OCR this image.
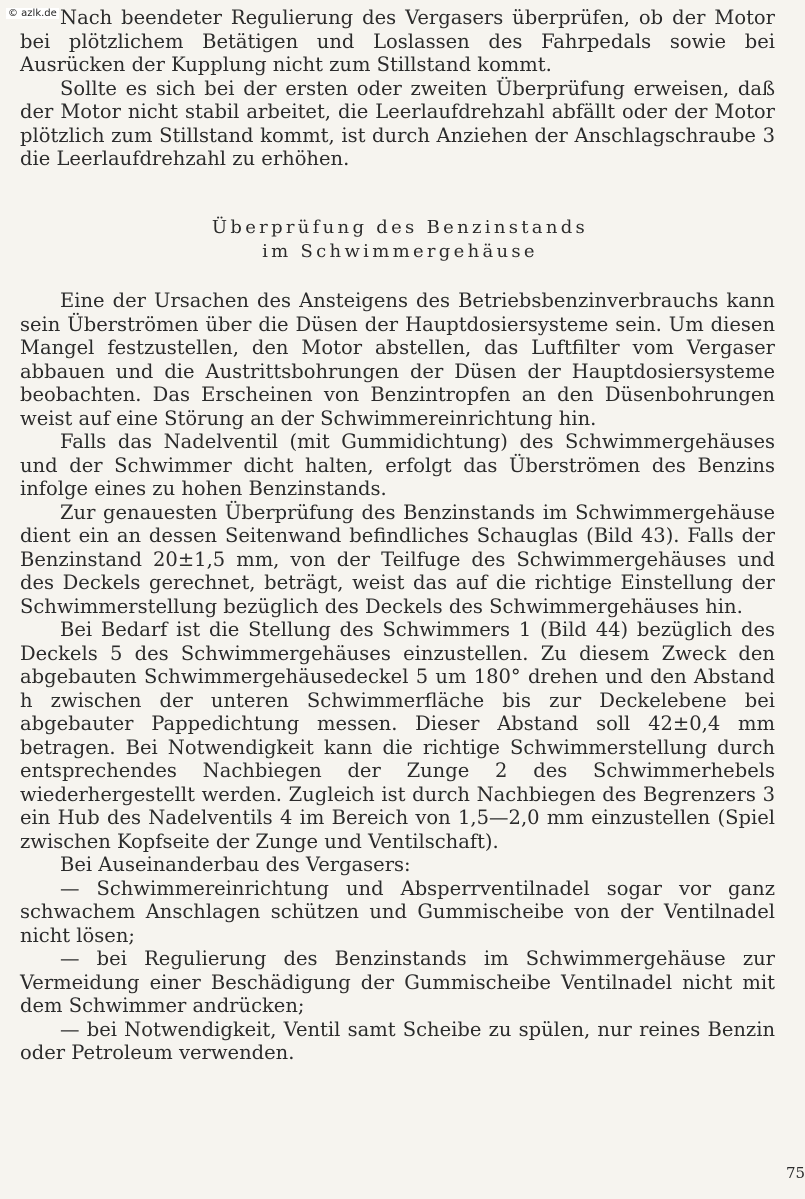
© azlk.de Nach beendeter Regulierung des Vergasers überprüfen, ob der Motor bei plötzlichem Betätigen und Loslassen des Fahrpedals sowie bei Ausrücken der Kupplung nicht zum Stillstand kommt.

Sollte es sich bei der ersten oder zweiten Überprüfung erweisen, daß der Motor nicht stabil arbeitet, die Leerlaufdrehzahl abfällt oder der Motor plötzlich zum Stillstand kommt, ist durch Anziehen der Anschlagschraube 3 die Leerlaufdrehzahl zu erhöhen.

Überprüfung des Benzinstands
im Schwimmergehäuse

Eine der Ursachen des Ansteigens des Betriebsbenzinverbrauchs kann sein Überströmen über die Düsen der Hauptdosiersysteme sein. Um diesen Mangel festzustellen, den Motor abstellen, das Luftfilter vom Vergaser abbauen und die Austrittsbohrungen der Düsen der Hauptdosiersysteme beobachten. Das Erscheinen von Benzintropfen an den Düsenbohrungen weist auf eine Störung an der Schwimmereinrichtung hin.

Falls das Nadelventil (mit Gummidichtung) des Schwimmergehäuses und der Schwimmer dicht halten, erfolgt das Überströmen des Benzins infolge eines zu hohen Benzinstands.

Zur genauesten Überprüfung des Benzinstands im Schwimmergehäuse dient ein an dessen Seitenwand befindliches Schauglas (Bild 43). Falls der Benzinstand 20±1,5 mm, von der Teilfuge des Schwimmergehäuses und des Deckels gerechnet, beträgt, weist das auf die richtige Einstellung der Schwimmerstellung bezüglich des Deckels des Schwimmergehäuses hin.

Bei Bedarf ist die Stellung des Schwimmers 1 (Bild 44) bezüglich des Deckels 5 des Schwimmergehäuses einzustellen. Zu diesem Zweck den abgebauten Schwimmergehäusedeckel 5 um 180° drehen und den Abstand h zwischen der unteren Schwimmerfläche bis zur Deckelebene bei abgebauter Pappedichtung messen. Dieser Abstand soll 42±0,4 mm betragen. Bei Notwendigkeit kann die richtige Schwimmerstellung durch entsprechendes Nachbiegen der Zunge 2 des Schwimmerhebels wiederhergestellt werden. Zugleich ist durch Nachbiegen des Begrenzers 3 ein Hub des Nadelventils 4 im Bereich von 1,5—2,0 mm einzustellen (Spiel zwischen Kopfseite der Zunge und Ventilschaft).

Bei Auseinanderbau des Vergasers:

— Schwimmereinrichtung und Absperrventilnadel sogar vor ganz schwachem Anschlagen schützen und Gummischeibe von der Ventilnadel nicht lösen;

— bei Regulierung des Benzinstands im Schwimmergehäuse zur Vermeidung einer Beschädigung der Gummischeibe Ventilnadel nicht mit dem Schwimmer andrücken;

— bei Notwendigkeit, Ventil samt Scheibe zu spülen, nur reines Benzin oder Petroleum verwenden.

75
